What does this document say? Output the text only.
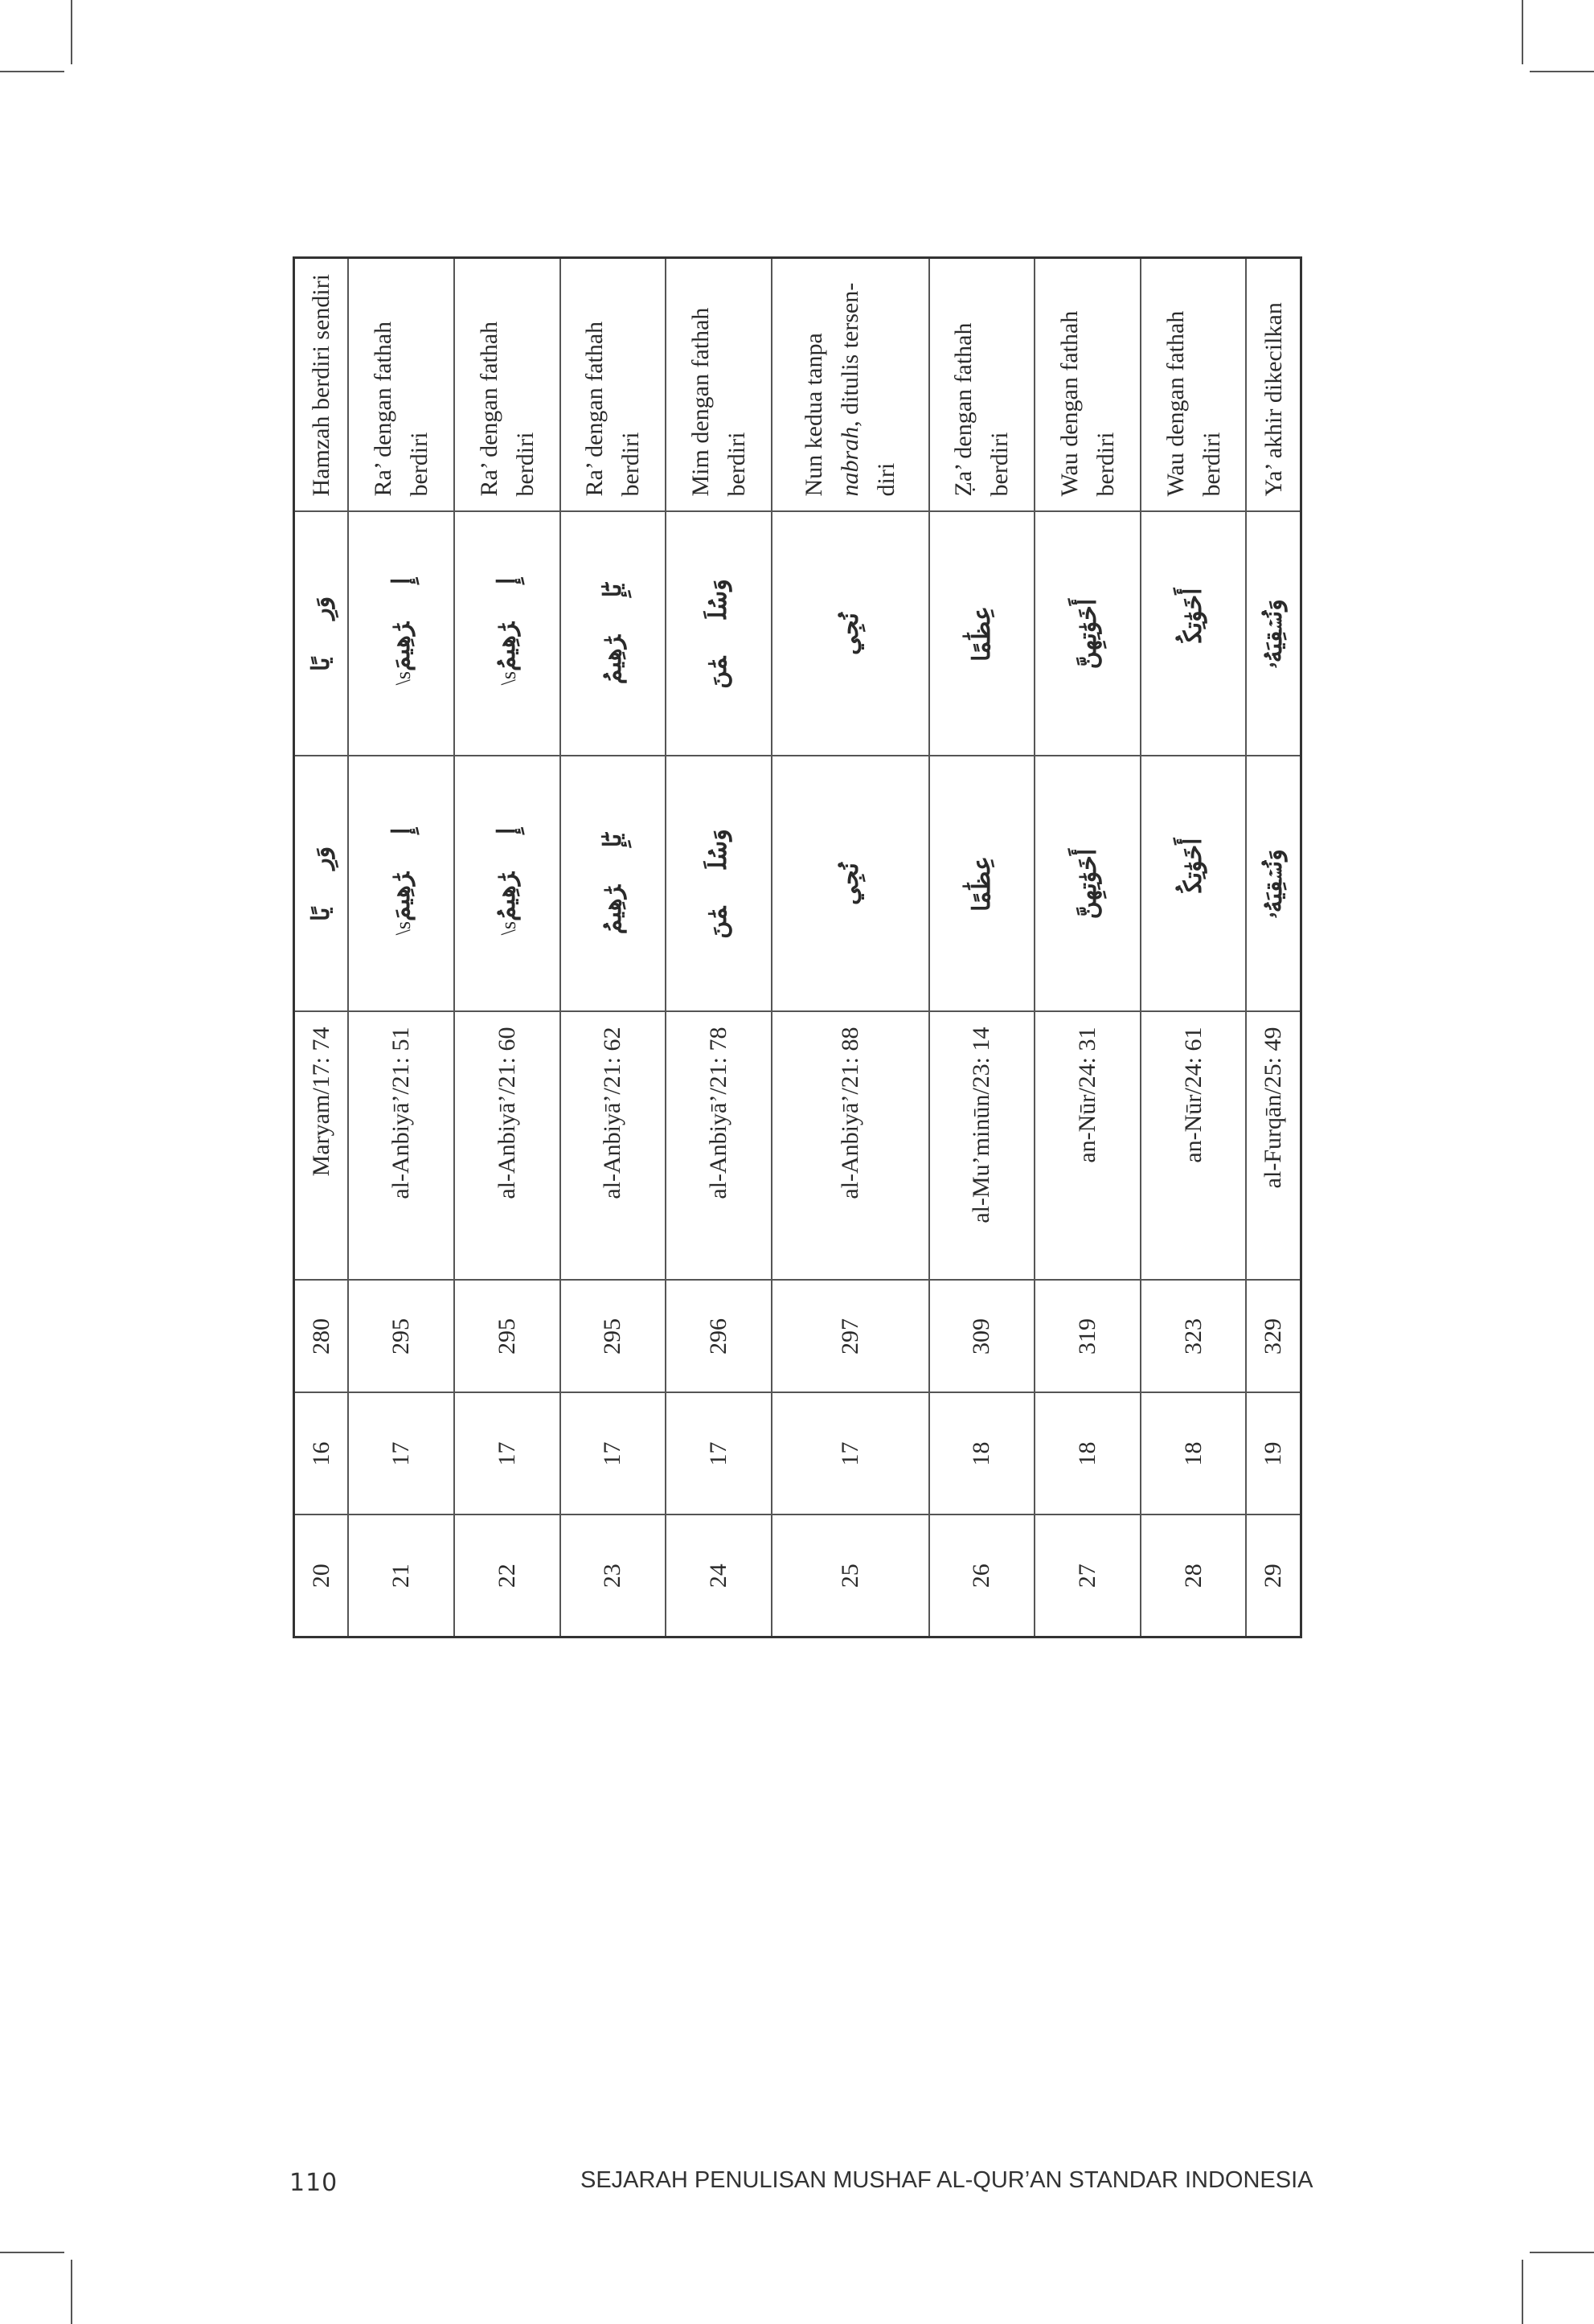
20	16	280	Maryam/17: 74	وَرِءۡيًا	وَرِءۡيًا	Hamzah berdiri sendiri
21	17	295	al-Anbiyā’/21: 51	إِبۡرَٰهِيمَ\s	إِبۡرَٰهِيمَ\s	Ra’ dengan fathah berdiri
22	17	295	al-Anbiyā’/21: 60	إِبۡرَٰهِيمُ\s	إِبۡرَٰهِيمُ\s	Ra’ dengan fathah berdiri
23	17	295	al-Anbiyā’/21: 62	يَٰٓإِبۡرَٰهِيمُ	يَٰٓإِبۡرَٰهِيمُ	Ra’ dengan fathah berdiri
24	17	296	al-Anbiyā’/21: 78	وَسُلَيۡمَٰنَ	وَسُلَيۡمَٰنَ	Mim dengan fathah berdiri
25	17	297	al-Anbiyā’/21: 88	نُجِي	نُجِي	Nun kedua tanpa nabrah, ditulis tersen-diri
26	18	309	al-Mu’minūn/23: 14	عِظَٰمًا	عِظَٰمًا	Ẓa’ dengan fathah berdiri
27	18	319	an-Nūr/24: 31	أَخَوَٰتِهِنَّ	أَخَوَٰتِهِنَّ	Wau dengan fathah berdiri
28	18	323	an-Nūr/24: 61	أَخَوَٰتِكُمۡ	أَخَوَٰتِكُمۡ	Wau dengan fathah berdiri
29	19	329	al-Furqān/25: 49	وَنُسۡقِيَهُۥ	وَنُسۡقِيَهُۥ	Ya’ akhir dikecilkan
110	SEJARAH PENULISAN MUSHAF AL-QUR’AN STANDAR INDONESIA
